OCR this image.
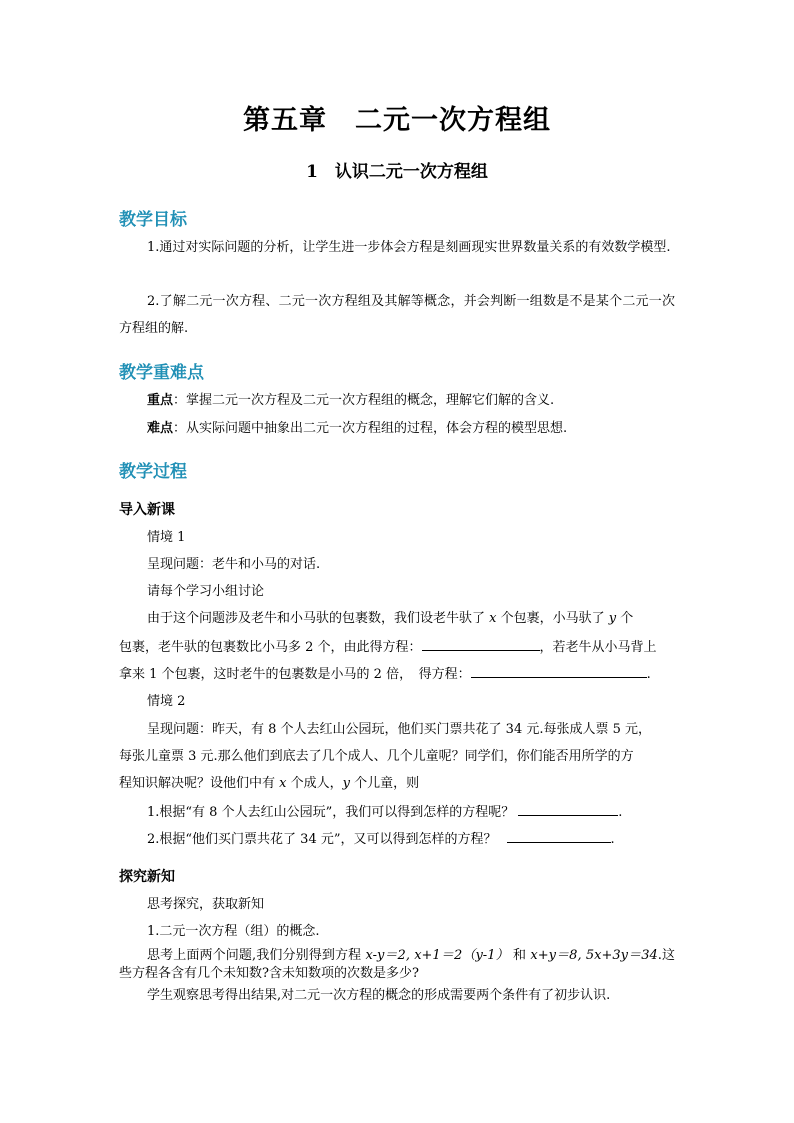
第五章　二元一次方程组
1　认识二元一次方程组
教学目标
1.通过对实际问题的分析，让学生进一步体会方程是刻画现实世界数量关系的有效数学模型.
2.了解二元一次方程、二元一次方程组及其解等概念，并会判断一组数是不是某个二元一次方程组的解.
教学重难点
重点：掌握二元一次方程及二元一次方程组的概念，理解它们解的含义.
难点：从实际问题中抽象出二元一次方程组的过程，体会方程的模型思想.
教学过程
导入新课
情境 1
呈现问题：老牛和小马的对话.
请每个学习小组讨论
由于这个问题涉及老牛和小马驮的包裹数，我们设老牛驮了 x 个包裹，小马驮了 y 个
包裹，老牛驮的包裹数比小马多 2 个，由此得方程：	，若老牛从小马背上
拿来 1 个包裹，这时老牛的包裹数是小马的 2 倍，　得方程：	.
情境 2
呈现问题：昨天，有 8 个人去红山公园玩，他们买门票共花了 34 元.每张成人票 5 元，
每张儿童票 3 元.那么他们到底去了几个成人、几个儿童呢？同学们，你们能否用所学的方
程知识解决呢？设他们中有 x 个成人，y 个儿童，则
1.根据“有 8 个人去红山公园玩”，我们可以得到怎样的方程呢？	.
2.根据“他们买门票共花了 34 元”，又可以得到怎样的方程？	.
探究新知
思考探究，获取新知
1.二元一次方程（组）的概念.
思考上面两个问题,我们分别得到方程 x-y＝2, x+1＝2（y-1） 和 x+y＝8, 5x+3y＝34.这些方程各含有几个未知数?含未知数项的次数是多少?
学生观察思考得出结果,对二元一次方程的概念的形成需要两个条件有了初步认识.
